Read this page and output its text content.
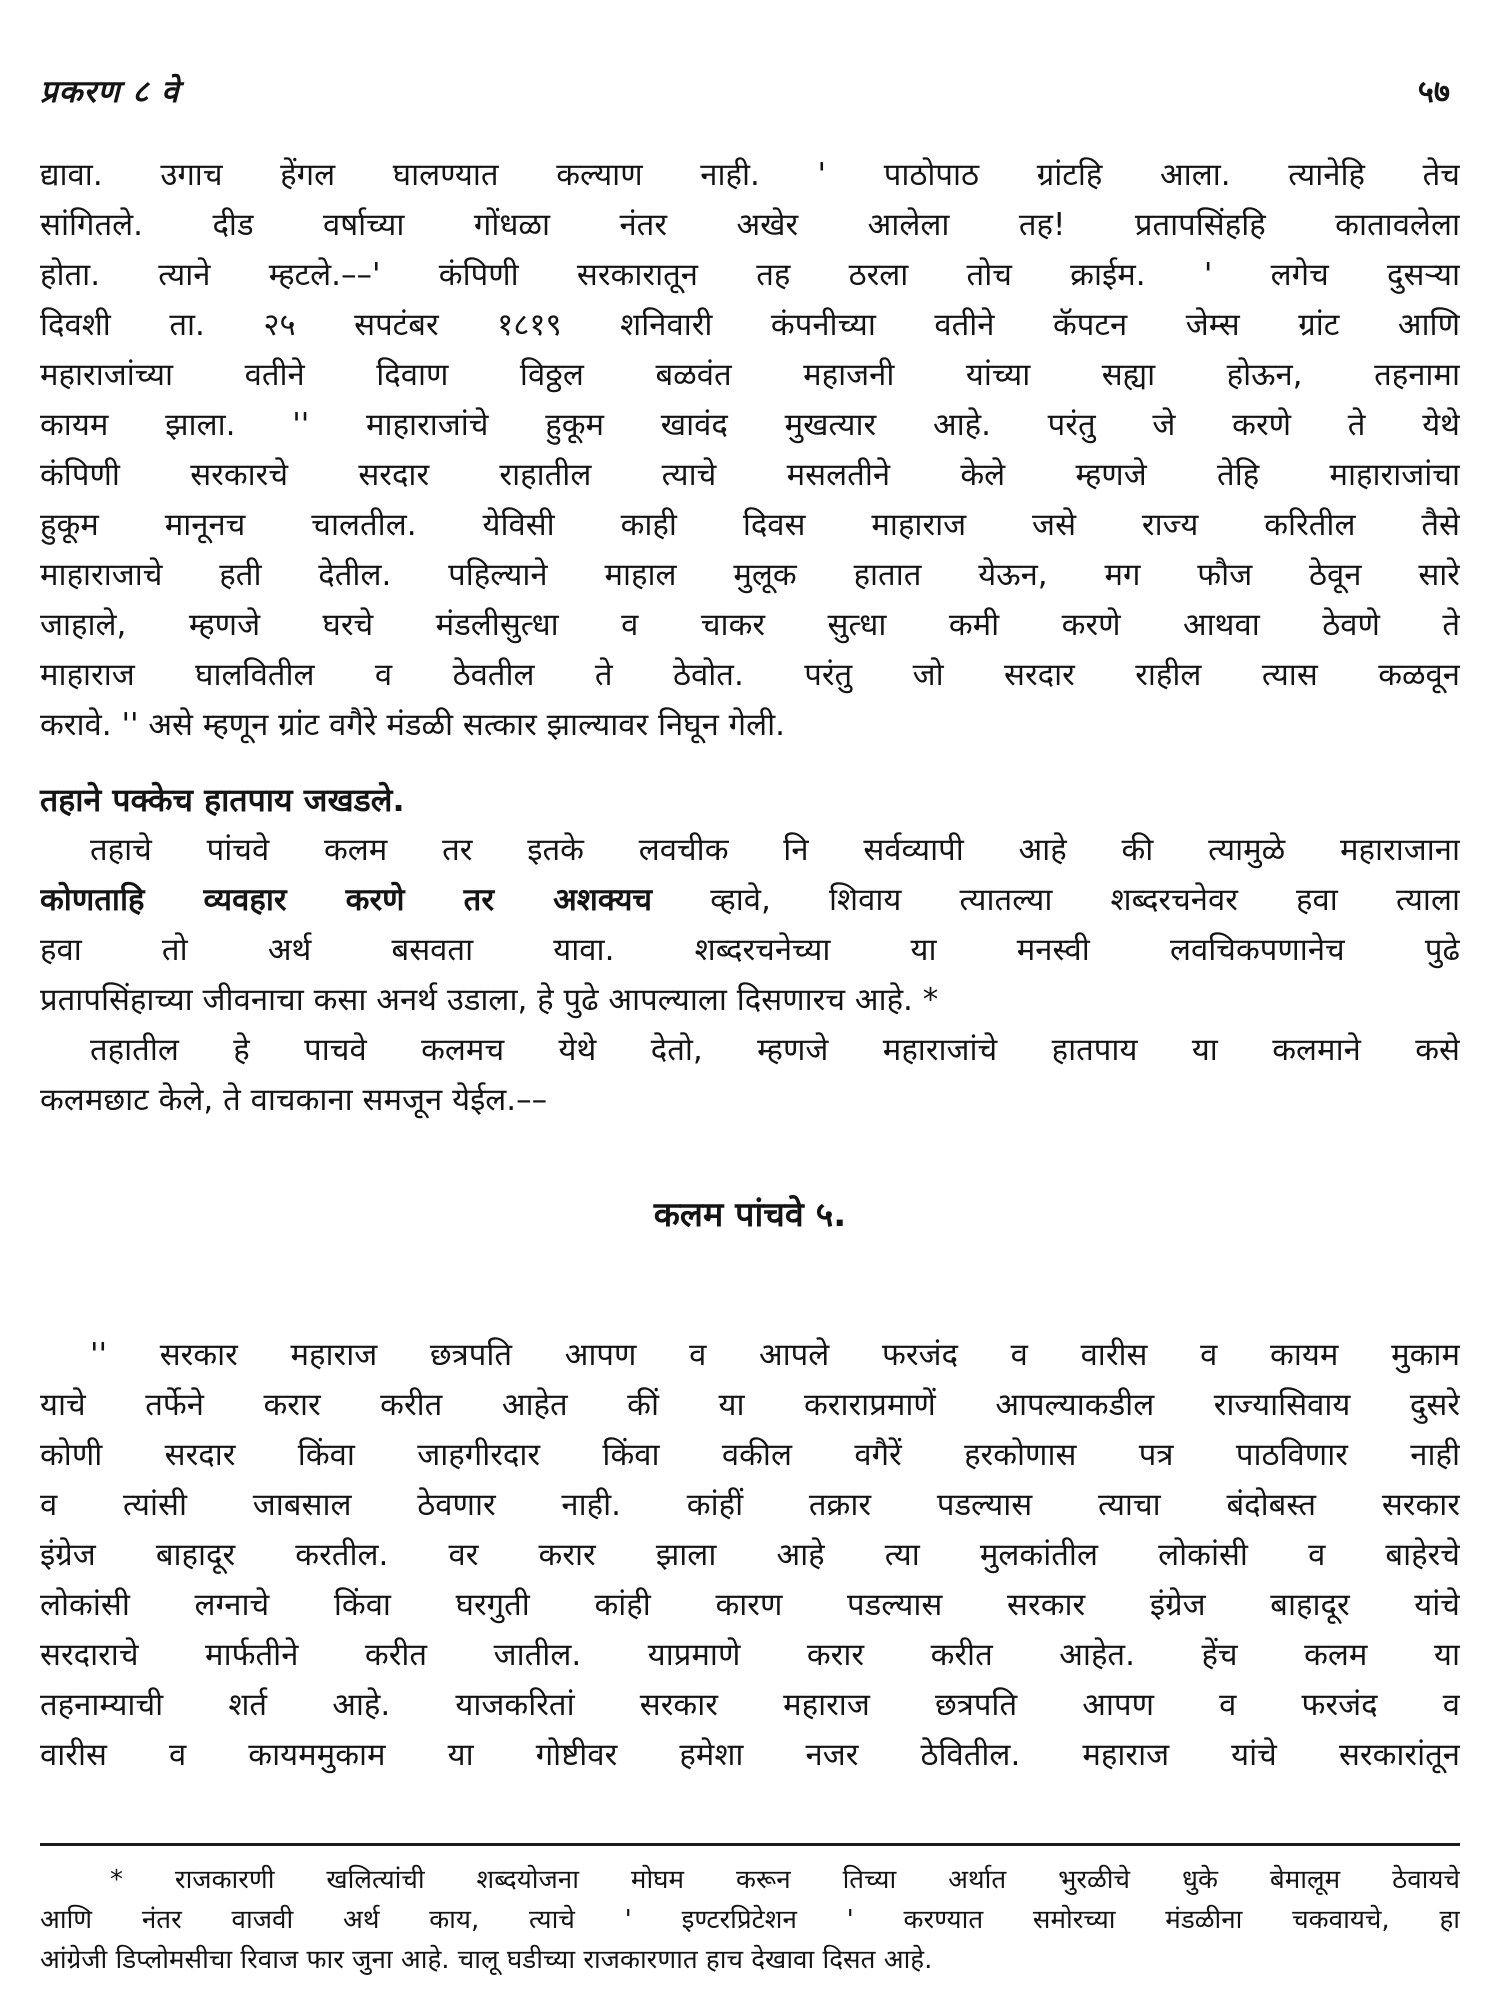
प्रकरण ८ वे	५७
द्यावा. उगाच हेंगल घालण्यात कल्याण नाही. ' पाठोपाठ ग्रांटहि आला. त्यानेहि तेच
सांगितले. दीड वर्षाच्या गोंधळा नंतर अखेर आलेला तह! प्रतापसिंहहि कातावलेला
होता. त्याने म्हटले.––' कंपिणी सरकारातून तह ठरला तोच क्राईम. ' लगेच दुसऱ्या
दिवशी ता. २५ सपटंबर १८१९ शनिवारी कंपनीच्या वतीने कॅपटन जेम्स ग्रांट आणि
महाराजांच्या वतीने दिवाण विठ्ठल बळवंत महाजनी यांच्या सह्या होऊन, तहनामा
कायम झाला. '' माहाराजांचे हुकूम खावंद मुखत्यार आहे. परंतु जे करणे ते येथे
कंपिणी सरकारचे सरदार राहातील त्याचे मसलतीने केले म्हणजे तेहि माहाराजांचा
हुकूम मानूनच चालतील. येविसी काही दिवस माहाराज जसे राज्य करितील तैसे
माहाराजाचे हती देतील. पहिल्याने माहाल मुलूक हातात येऊन, मग फौज ठेवून सारे
जाहाले, म्हणजे घरचे मंडलीसुत्धा व चाकर सुत्धा कमी करणे आथवा ठेवणे ते
माहाराज घालवितील व ठेवतील ते ठेवोत. परंतु जो सरदार राहील त्यास कळवून
करावे. '' असे म्हणून ग्रांट वगैरे मंडळी सत्कार झाल्यावर निघून गेली.
तहाने पक्केच हातपाय जखडले.
तहाचे पांचवे कलम तर इतके लवचीक नि सर्वव्यापी आहे की त्यामुळे महाराजाना
कोणताहि व्यवहार करणे तर अशक्यच व्हावे, शिवाय त्यातल्या शब्दरचनेवर हवा त्याला
हवा तो अर्थ बसवता यावा. शब्दरचनेच्या या मनस्वी लवचिकपणानेच पुढे
प्रतापसिंहाच्या जीवनाचा कसा अनर्थ उडाला, हे पुढे आपल्याला दिसणारच आहे. *
तहातील हे पाचवे कलमच येथे देतो, म्हणजे महाराजांचे हातपाय या कलमाने कसे
कलमछाट केले, ते वाचकाना समजून येईल.––
कलम पांचवे ५.
'' सरकार महाराज छत्रपति आपण व आपले फरजंद व वारीस व कायम मुकाम
याचे तर्फेने करार करीत आहेत कीं या कराराप्रमाणें आपल्याकडील राज्यासिवाय दुसरे
कोणी सरदार किंवा जाहगीरदार किंवा वकील वगैरें हरकोणास पत्र पाठविणार नाही
व त्यांसी जाबसाल ठेवणार नाही. कांहीं तक्रार पडल्यास त्याचा बंदोबस्त सरकार
इंग्रेज बाहादूर करतील. वर करार झाला आहे त्या मुलकांतील लोकांसी व बाहेरचे
लोकांसी लग्नाचे किंवा घरगुती कांही कारण पडल्यास सरकार इंग्रेज बाहादूर यांचे
सरदाराचे मार्फतीने करीत जातील. याप्रमाणे करार करीत आहेत. हेंच कलम या
तहनाम्याची शर्त आहे. याजकरितां सरकार महाराज छत्रपति आपण व फरजंद व
वारीस व कायममुकाम या गोष्टीवर हमेशा नजर ठेवितील. महाराज यांचे सरकारांतून
* राजकारणी खलित्यांची शब्दयोजना मोघम करून तिच्या अर्थात भुरळीचे धुके बेमालूम ठेवायचे
आणि नंतर वाजवी अर्थ काय, त्याचे ' इण्टरप्रिटेशन ' करण्यात समोरच्या मंडळीना चकवायचे, हा
आंग्रेजी डिप्लोमसीचा रिवाज फार जुना आहे. चालू घडीच्या राजकारणात हाच देखावा दिसत आहे.
